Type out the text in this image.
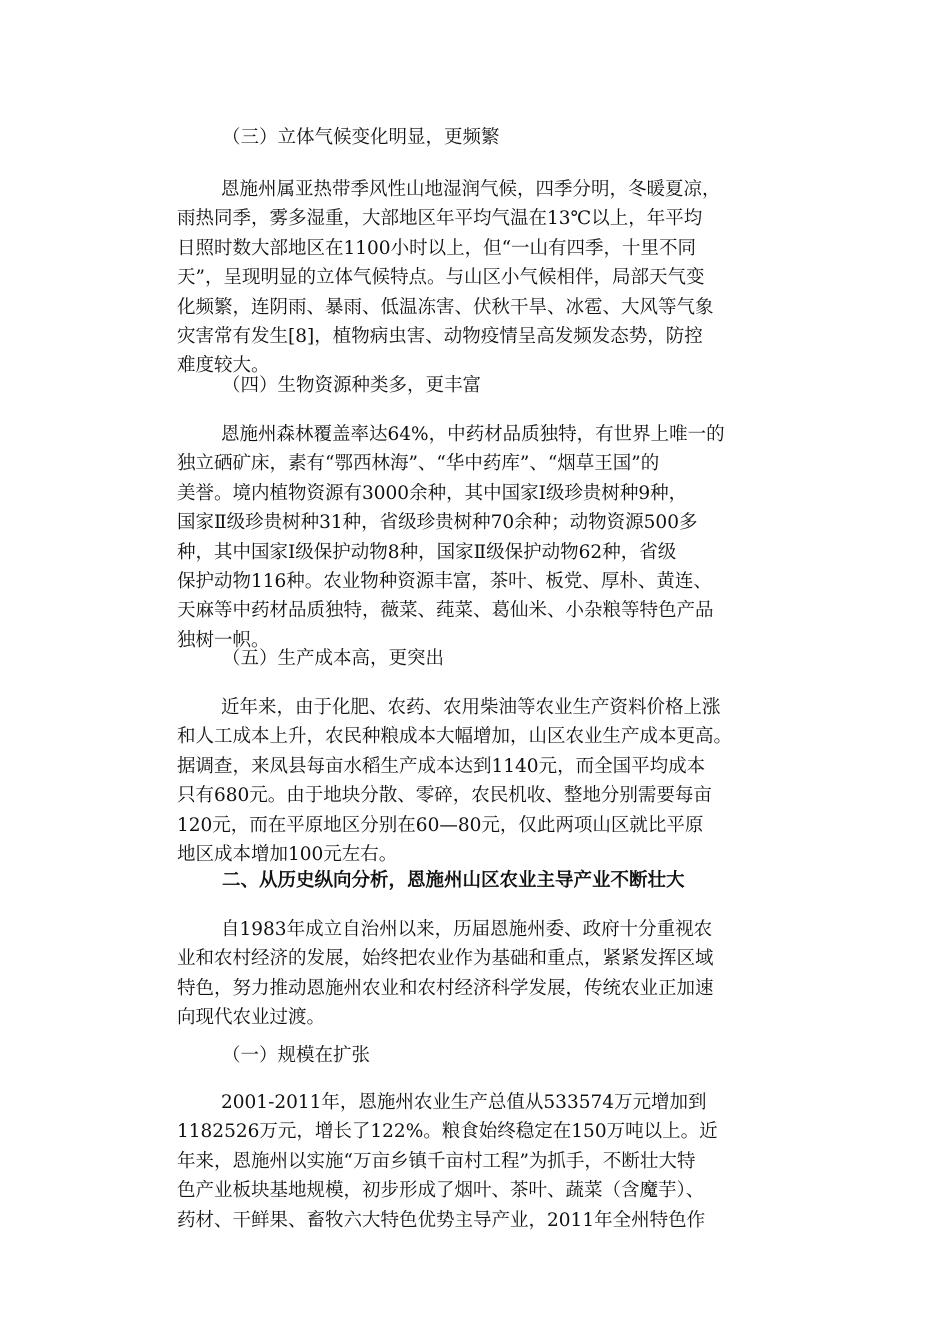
（三）立体气候变化明显，更频繁
恩施州属亚热带季风性山地湿润气候，四季分明，冬暖夏凉，
雨热同季，雾多湿重，大部地区年平均气温在13℃以上，年平均
日照时数大部地区在1100小时以上，但“一山有四季，十里不同
天”，呈现明显的立体气候特点。与山区小气候相伴，局部天气变
化频繁，连阴雨、暴雨、低温冻害、伏秋干旱、冰雹、大风等气象
灾害常有发生[8]，植物病虫害、动物疫情呈高发频发态势，防控
难度较大。
（四）生物资源种类多，更丰富
恩施州森林覆盖率达64%，中药材品质独特，有世界上唯一的
独立硒矿床，素有“鄂西林海”、“华中药库”、“烟草王国”的
美誉。境内植物资源有3000余种，其中国家Ⅰ级珍贵树种9种，
国家Ⅱ级珍贵树种31种，省级珍贵树种70余种；动物资源500多
种，其中国家Ⅰ级保护动物8种，国家Ⅱ级保护动物62种，省级
保护动物116种。农业物种资源丰富，茶叶、板党、厚朴、黄连、
天麻等中药材品质独特，薇菜、莼菜、葛仙米、小杂粮等特色产品
独树一帜。
（五）生产成本高，更突出
近年来，由于化肥、农药、农用柴油等农业生产资料价格上涨
和人工成本上升，农民种粮成本大幅增加，山区农业生产成本更高。
据调查，来凤县每亩水稻生产成本达到1140元，而全国平均成本
只有680元。由于地块分散、零碎，农民机收、整地分别需要每亩
120元，而在平原地区分别在60—80元，仅此两项山区就比平原
地区成本增加100元左右。
二、从历史纵向分析，恩施州山区农业主导产业不断壮大
自1983年成立自治州以来，历届恩施州委、政府十分重视农
业和农村经济的发展，始终把农业作为基础和重点，紧紧发挥区域
特色，努力推动恩施州农业和农村经济科学发展，传统农业正加速
向现代农业过渡。
（一）规模在扩张
2001-2011年，恩施州农业生产总值从533574万元增加到
1182526万元，增长了122%。粮食始终稳定在150万吨以上。近
年来，恩施州以实施“万亩乡镇千亩村工程”为抓手，不断壮大特
色产业板块基地规模，初步形成了烟叶、茶叶、蔬菜（含魔芋）、
药材、干鲜果、畜牧六大特色优势主导产业，2011年全州特色作
